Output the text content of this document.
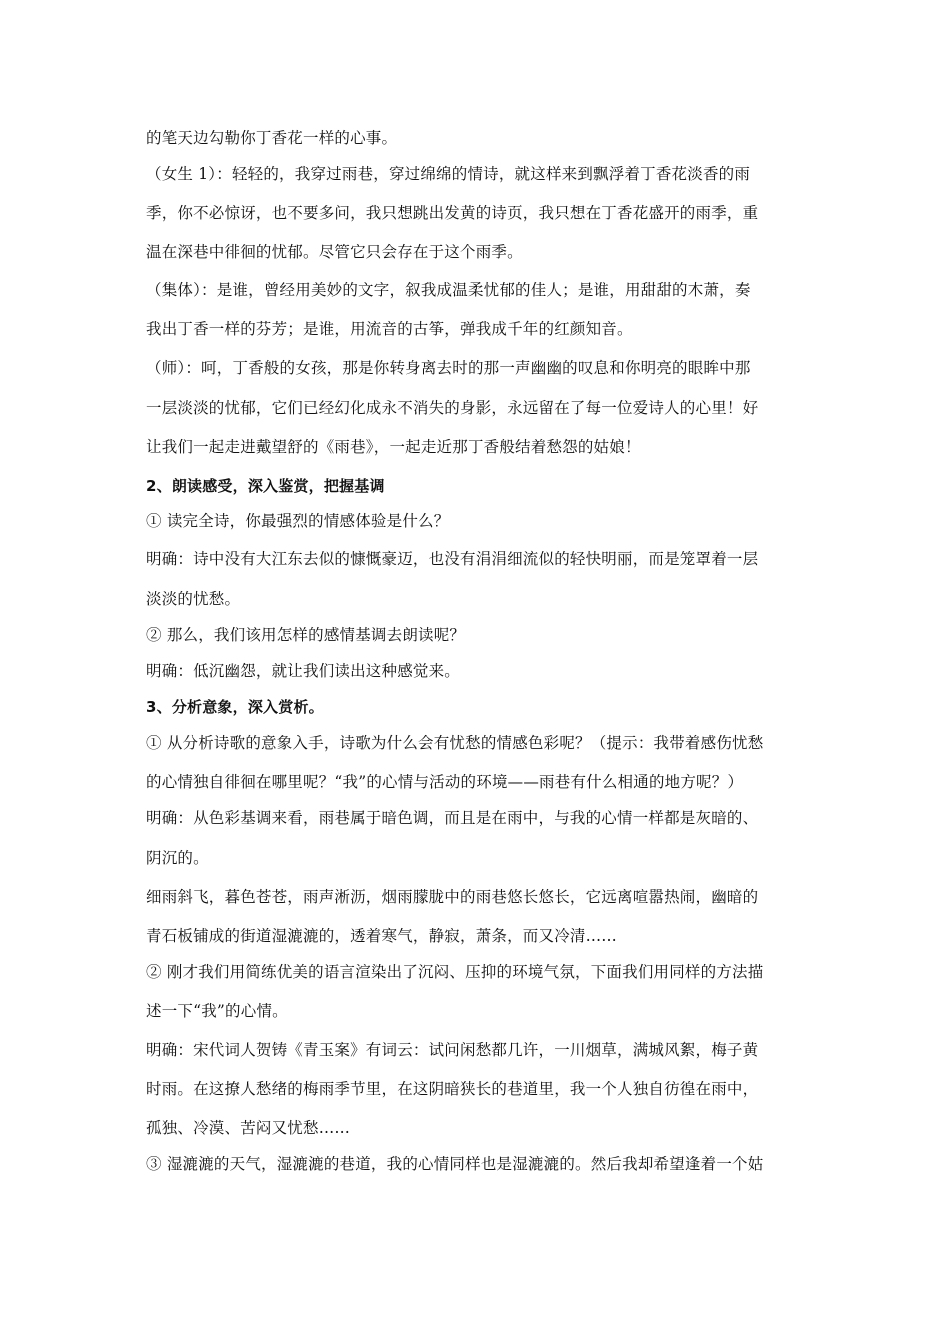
的笔天边勾勒你丁香花一样的心事。
（女生 1）：轻轻的，我穿过雨巷，穿过绵绵的情诗，就这样来到飘浮着丁香花淡香的雨
季，你不必惊讶，也不要多问，我只想跳出发黄的诗页，我只想在丁香花盛开的雨季，重
温在深巷中徘徊的忧郁。尽管它只会存在于这个雨季。
（集体）：是谁，曾经用美妙的文字，叙我成温柔忧郁的佳人；是谁，用甜甜的木萧，奏
我出丁香一样的芬芳；是谁，用流音的古筝，弹我成千年的红颜知音。
（师）：呵，丁香般的女孩，那是你转身离去时的那一声幽幽的叹息和你明亮的眼眸中那
一层淡淡的忧郁，它们已经幻化成永不消失的身影，永远留在了每一位爱诗人的心里！好
让我们一起走进戴望舒的《雨巷》，一起走近那丁香般结着愁怨的姑娘！
2、朗读感受，深入鉴赏，把握基调
① 读完全诗，你最强烈的情感体验是什么？
明确：诗中没有大江东去似的慷慨豪迈，也没有涓涓细流似的轻快明丽，而是笼罩着一层
淡淡的忧愁。
② 那么，我们该用怎样的感情基调去朗读呢？
明确：低沉幽怨，就让我们读出这种感觉来。
3、分析意象，深入赏析。
① 从分析诗歌的意象入手，诗歌为什么会有忧愁的情感色彩呢？（提示：我带着感伤忧愁
的心情独自徘徊在哪里呢？“我”的心情与活动的环境——雨巷有什么相通的地方呢？）
明确：从色彩基调来看，雨巷属于暗色调，而且是在雨中，与我的心情一样都是灰暗的、
阴沉的。
细雨斜飞，暮色苍苍，雨声淅沥，烟雨朦胧中的雨巷悠长悠长，它远离喧嚣热闹，幽暗的
青石板铺成的街道湿漉漉的，透着寒气，静寂，萧条，而又冷清……
② 刚才我们用简练优美的语言渲染出了沉闷、压抑的环境气氛，下面我们用同样的方法描
述一下“我”的心情。
明确：宋代词人贺铸《青玉案》有词云：试问闲愁都几许，一川烟草，满城风絮，梅子黄
时雨。在这撩人愁绪的梅雨季节里，在这阴暗狭长的巷道里，我一个人独自彷徨在雨中，
孤独、冷漠、苦闷又忧愁……
③ 湿漉漉的天气，湿漉漉的巷道，我的心情同样也是湿漉漉的。然后我却希望逢着一个姑
